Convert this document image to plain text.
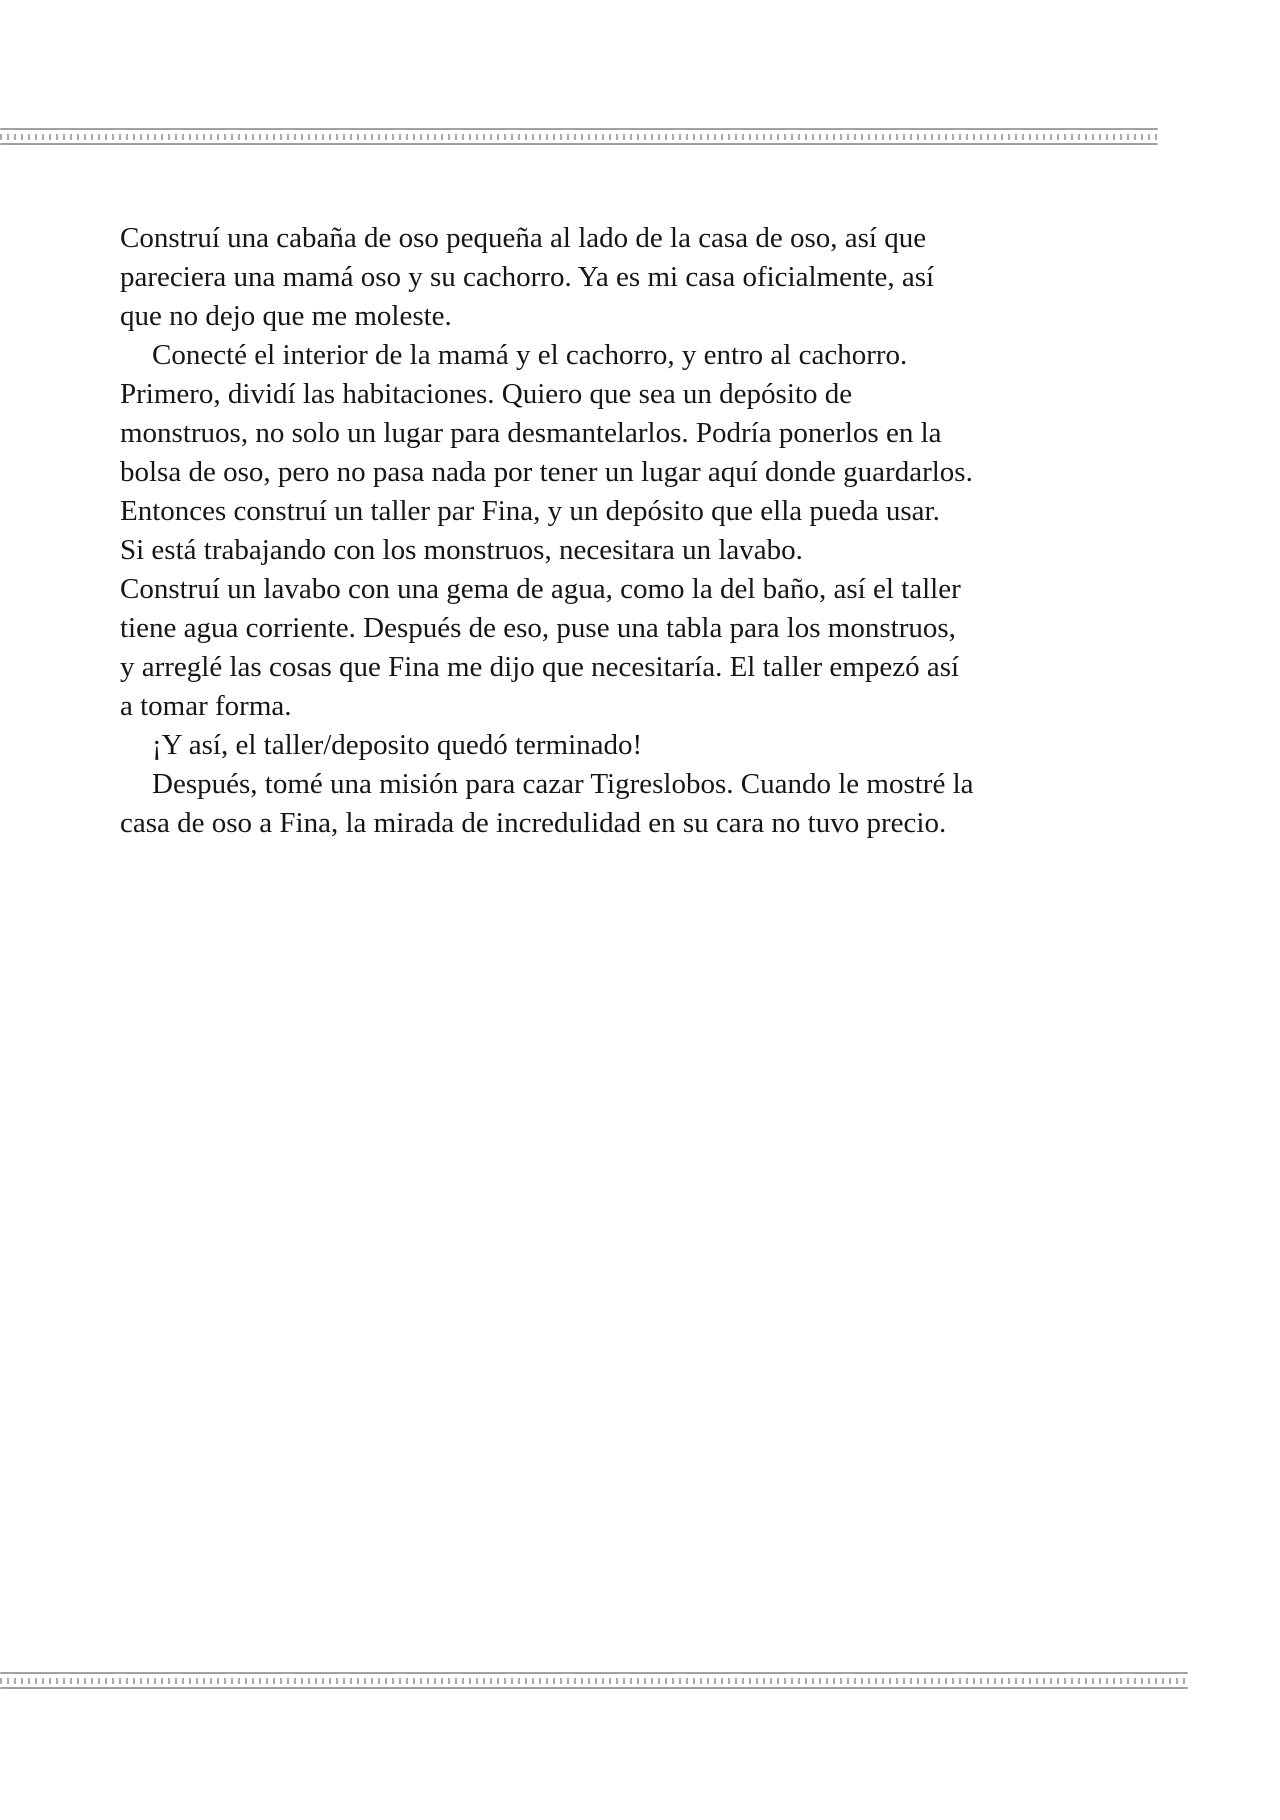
Construí una cabaña de oso pequeña al lado de la casa de oso, así que
pareciera una mamá oso y su cachorro. Ya es mi casa oficialmente, así
que no dejo que me moleste.
Conecté el interior de la mamá y el cachorro, y entro al cachorro.
Primero, dividí las habitaciones. Quiero que sea un depósito de
monstruos, no solo un lugar para desmantelarlos. Podría ponerlos en la
bolsa de oso, pero no pasa nada por tener un lugar aquí donde guardarlos.
Entonces construí un taller par Fina, y un depósito que ella pueda usar.
Si está trabajando con los monstruos, necesitara un lavabo.
Construí un lavabo con una gema de agua, como la del baño, así el taller
tiene agua corriente. Después de eso, puse una tabla para los monstruos,
y arreglé las cosas que Fina me dijo que necesitaría. El taller empezó así
a tomar forma.
¡Y así, el taller/deposito quedó terminado!
Después, tomé una misión para cazar Tigreslobos. Cuando le mostré la
casa de oso a Fina, la mirada de incredulidad en su cara no tuvo precio.
